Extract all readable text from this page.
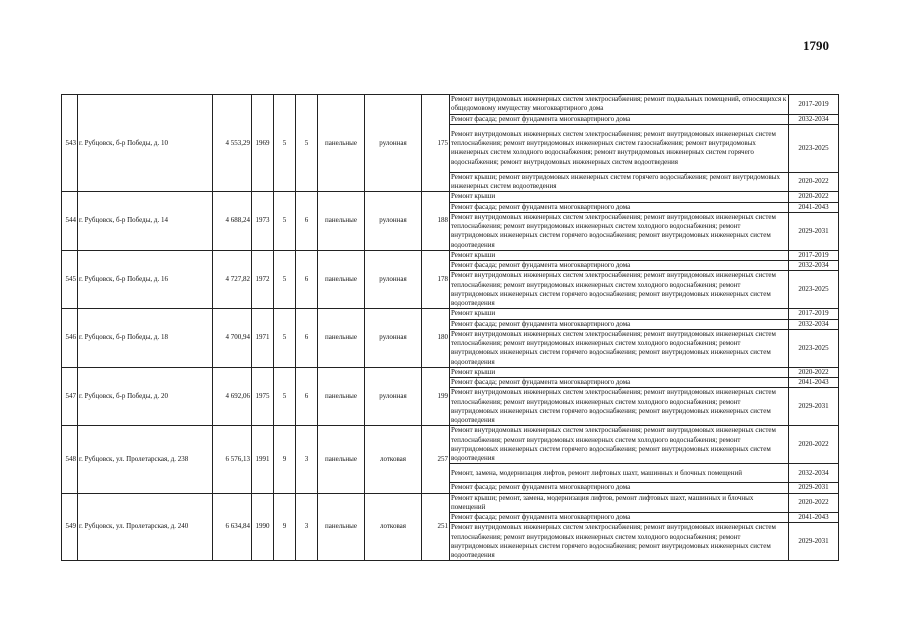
1790
543	г. Рубцовск, б-р Победы, д. 10	4 553,29	1969	5	5	панельные	рулонная	175	Ремонт внутридомовых инженерных систем электроснабжения; ремонт подвальных помещений, относящихся к общедомовому имуществу многоквартирного дома	2017-2019
									Ремонт фасада; ремонт фундамента многоквартирного дома	2032-2034
									Ремонт внутридомовых инженерных систем электроснабжения; ремонт внутридомовых инженерных систем теплоснабжения; ремонт внутридомовых инженерных систем газоснабжения; ремонт внутридомовых инженерных систем холодного водоснабжения; ремонт внутридомовых инженерных систем горячего водоснабжения; ремонт внутридомовых инженерных систем водоотведения	2023-2025
									Ремонт крыши; ремонт внутридомовых инженерных систем горячего водоснабжения; ремонт внутридомовых инженерных систем водоотведения	2020-2022
544	г. Рубцовск, б-р Победы, д. 14	4 688,24	1973	5	6	панельные	рулонная	188	Ремонт крыши	2020-2022
									Ремонт фасада; ремонт фундамента многоквартирного дома	2041-2043
									Ремонт внутридомовых инженерных систем электроснабжения; ремонт внутридомовых инженерных систем теплоснабжения; ремонт внутридомовых инженерных систем холодного водоснабжения; ремонт внутридомовых инженерных систем горячего водоснабжения; ремонт внутридомовых инженерных систем водоотведения	2029-2031
545	г. Рубцовск, б-р Победы, д. 16	4 727,82	1972	5	6	панельные	рулонная	178	Ремонт крыши	2017-2019
									Ремонт фасада; ремонт фундамента многоквартирного дома	2032-2034
									Ремонт внутридомовых инженерных систем электроснабжения; ремонт внутридомовых инженерных систем теплоснабжения; ремонт внутридомовых инженерных систем холодного водоснабжения; ремонт внутридомовых инженерных систем горячего водоснабжения; ремонт внутридомовых инженерных систем водоотведения	2023-2025
546	г. Рубцовск, б-р Победы, д. 18	4 700,94	1971	5	6	панельные	рулонная	180	Ремонт крыши	2017-2019
									Ремонт фасада; ремонт фундамента многоквартирного дома	2032-2034
									Ремонт внутридомовых инженерных систем электроснабжения; ремонт внутридомовых инженерных систем теплоснабжения; ремонт внутридомовых инженерных систем холодного водоснабжения; ремонт внутридомовых инженерных систем горячего водоснабжения; ремонт внутридомовых инженерных систем водоотведения	2023-2025
547	г. Рубцовск, б-р Победы, д. 20	4 692,06	1975	5	6	панельные	рулонная	199	Ремонт крыши	2020-2022
									Ремонт фасада; ремонт фундамента многоквартирного дома	2041-2043
									Ремонт внутридомовых инженерных систем электроснабжения; ремонт внутридомовых инженерных систем теплоснабжения; ремонт внутридомовых инженерных систем холодного водоснабжения; ремонт внутридомовых инженерных систем горячего водоснабжения; ремонт внутридомовых инженерных систем водоотведения	2029-2031
548	г. Рубцовск, ул. Пролетарская, д. 238	6 576,13	1991	9	3	панельные	лотковая	257	Ремонт внутридомовых инженерных систем электроснабжения; ремонт внутридомовых инженерных систем теплоснабжения; ремонт внутридомовых инженерных систем холодного водоснабжения; ремонт внутридомовых инженерных систем горячего водоснабжения; ремонт внутридомовых инженерных систем водоотведения	2020-2022
									Ремонт, замена, модернизация лифтов, ремонт лифтовых шахт, машинных и блочных помещений	2032-2034
									Ремонт фасада; ремонт фундамента многоквартирного дома	2029-2031
549	г. Рубцовск, ул. Пролетарская, д. 240	6 634,84	1990	9	3	панельные	лотковая	251	Ремонт крыши; ремонт, замена, модернизация лифтов, ремонт лифтовых шахт, машинных и блочных помещений	2020-2022
									Ремонт фасада; ремонт фундамента многоквартирного дома	2041-2043
									Ремонт внутридомовых инженерных систем электроснабжения; ремонт внутридомовых инженерных систем теплоснабжения; ремонт внутридомовых инженерных систем холодного водоснабжения; ремонт внутридомовых инженерных систем горячего водоснабжения; ремонт внутридомовых инженерных систем водоотведения	2029-2031
